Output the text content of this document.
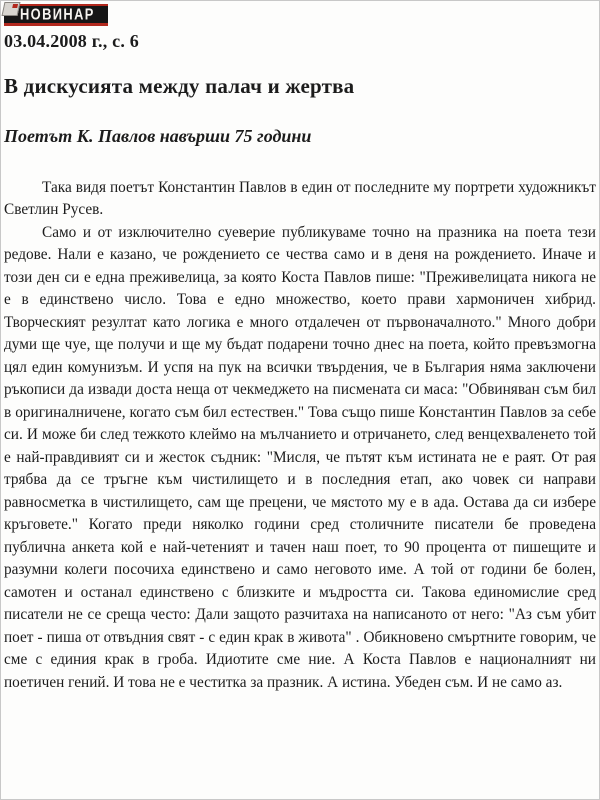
НОВИНАР
03.04.2008 г., с. 6
В дискусията между палач и жертва
Поетът К. Павлов навърши 75 години

Така видя поетът Константин Павлов в един от последните му портрети художникът Светлин Русев.

Само и от изключително суеверие публикуваме точно на празника на поета тези редове. Нали е казано, че рождението се чества само и в деня на рождението. Иначе и този ден си е една преживелица, за която Коста Павлов пише: "Преживелицата никога не е в единствено число. Това е едно множество, което прави хармоничен хибрид. Творческият резултат като логика е много отдалечен от първоначалното." Много добри думи ще чуе, ще получи и ще му бъдат подарени точно днес на поета, който превъзмогна цял един комунизъм. И успя на пук на всички твърдения, че в България няма заключени ръкописи да извади доста неща от чекмеджето на писмената си маса: "Обвиняван съм бил в оригиналничене, когато съм бил естествен." Това също пише Константин Павлов за себе си. И може би след тежкото клеймо на мълчанието и отричането, след венцехваленето той е най-правдивият си и жесток съдник: "Мисля, че пътят към истината не е раят. От рая трябва да се тръгне към чистилището и в последния етап, ако човек си направи равносметка в чистилището, сам ще прецени, че мястото му е в ада. Остава да си избере кръговете." Когато преди няколко години сред столичните писатели бе проведена публична анкета кой е най-четеният и тачен наш поет, то 90 процента от пишещите и разумни колеги посочиха единствено и само неговото име. А той от години бе болен, самотен и останал единствено с близките и мъдростта си. Такова единомислие сред писатели не се среща често: Дали защото разчитаха на написаното от него: "Аз съм убит поет - пиша от отвъдния свят - с един крак в живота" . Обикновено смъртните говорим, че сме с единия крак в гроба. Идиотите сме ние. А Коста Павлов е националният ни поетичен гений. И това не е честитка за празник. А истина. Убеден съм. И не само аз.
